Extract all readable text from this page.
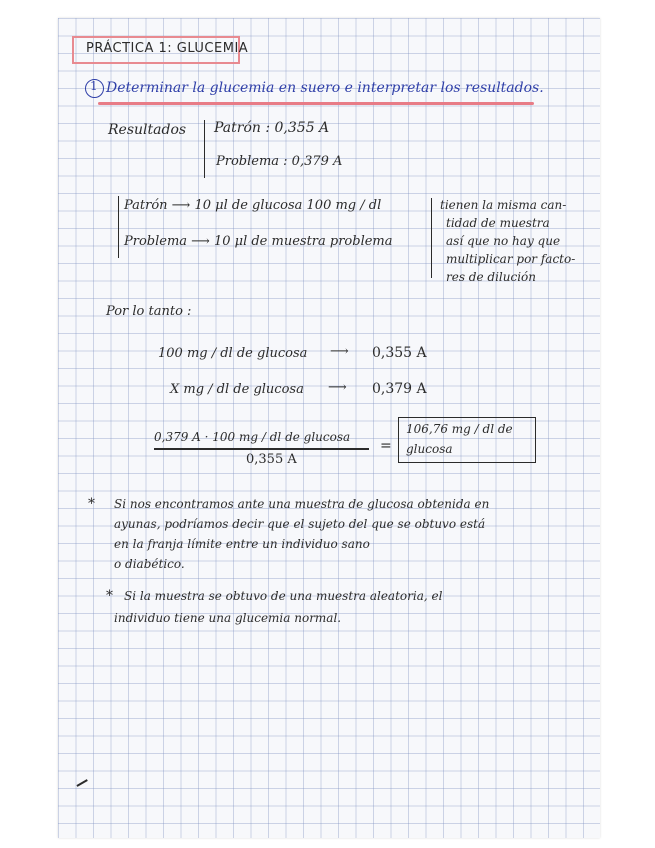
PRÁCTICA 1: GLUCEMIA
1 Determinar la glucemia en suero e interpretar los resultados.
Resultados Patrón : 0,355 A
Problema : 0,379 A
Patrón ⟶ 10 μl de glucosa 100 mg / dl
Problema ⟶ 10 μl de muestra problema
tienen la misma can-
tidad de muestra
así que no hay que
multiplicar por facto-
res de dilución
Por lo tanto :
100 mg / dl de glucosa ⟶ 0,355 A
X mg / dl de glucosa ⟶ 0,379 A
0,379 A · 100 mg / dl de glucosa
0,355 A
=
106,76 mg / dl de
glucosa
* Si nos encontramos ante una muestra de glucosa obtenida en
ayunas, podríamos decir que el sujeto del que se obtuvo está
en la franja límite entre un individuo sano
o diabético.
* Si la muestra se obtuvo de una muestra aleatoria, el
individuo tiene una glucemia normal.
